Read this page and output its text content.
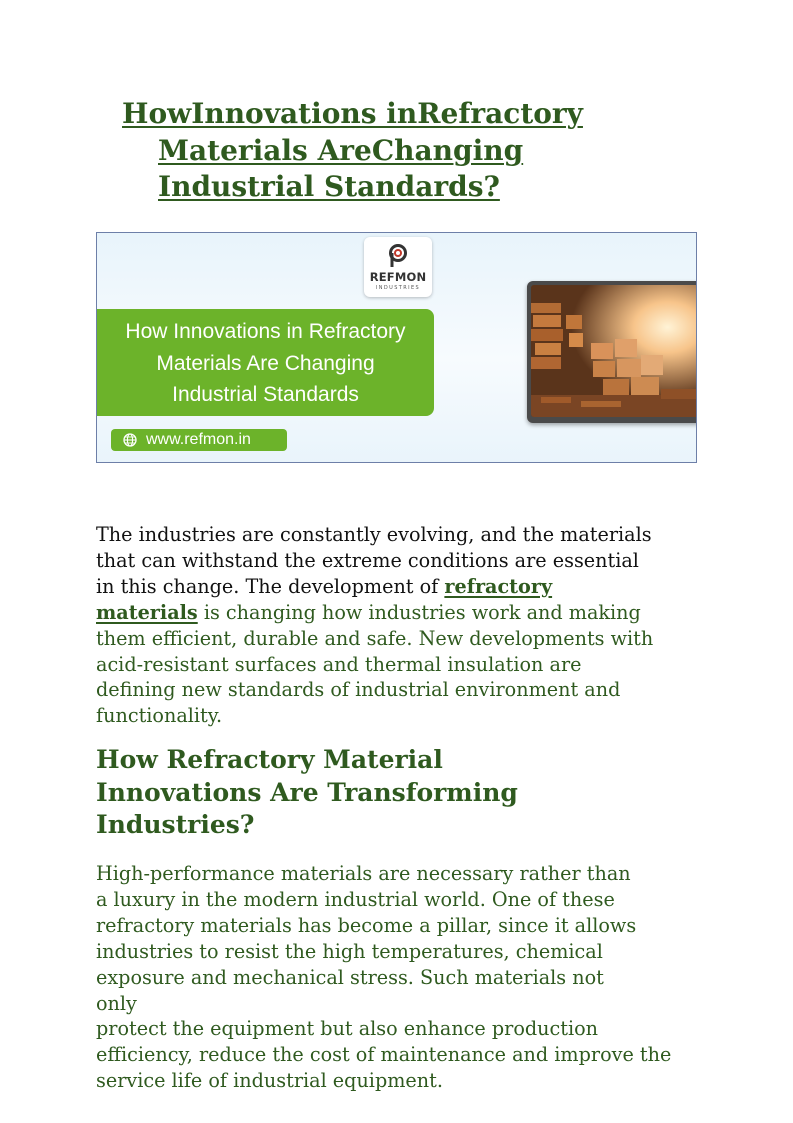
HowInnovations inRefractory
Materials AreChanging
Industrial Standards?
REFMON
INDUSTRIES
How Innovations in Refractory
Materials Are Changing
Industrial Standards
www.refmon.in

The industries are constantly evolving, and the materials
that can withstand the extreme conditions are essential
in this change. The development of refractory
materials is changing how industries work and making
them efficient, durable and safe. New developments with
acid-resistant surfaces and thermal insulation are
defining new standards of industrial environment and
functionality.

How Refractory Material
Innovations Are Transforming
Industries?

High-performance materials are necessary rather than
a luxury in the modern industrial world. One of these
refractory materials has become a pillar, since it allows
industries to resist the high temperatures, chemical
exposure and mechanical stress. Such materials not
only
protect the equipment but also enhance production
efficiency, reduce the cost of maintenance and improve the
service life of industrial equipment.
